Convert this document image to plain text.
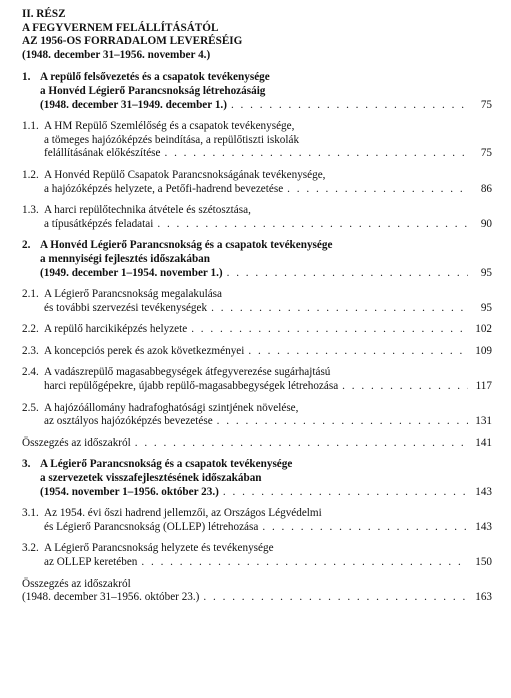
II. RÉSZ
A FEGYVERNEM FELÁLLÍTÁSÁTÓL
AZ 1956-OS FORRADALOM LEVERÉSÉIG
(1948. december 31–1956. november 4.)
1. A repülő felsővezetés és a csapatok tevékenysége
a Honvéd Légierő Parancsnokság létrehozásáig
(1948. december 31–1949. december 1.) . . .	75
1.1. A HM Repülő Szemlélőség és a csapatok tevékenysége,
a tömeges hajózóképzés beindítása, a repülőtiszti iskolák
felállításának előkészítése . . .	75
1.2. A Honvéd Repülő Csapatok Parancsnokságának tevékenysége,
a hajózóképzés helyzete, a Petőfi-hadrend bevezetése . . .	86
1.3. A harci repülőtechnika átvétele és szétosztása,
a típusátképzés feladatai . . .	90
2. A Honvéd Légierő Parancsnokság és a csapatok tevékenysége
a mennyiségi fejlesztés időszakában
(1949. december 1–1954. november 1.) . . .	95
2.1. A Légierő Parancsnokság megalakulása
és további szervezési tevékenységek . . .	95
2.2. A repülő harcikiképzés helyzete . . .	102
2.3. A koncepciós perek és azok következményei . . .	109
2.4. A vadászrepülő magasabbegységek átfegyverezése sugárhajtású
harci repülőgépekre, újabb repülő-magasabbegységek létrehozása . . .	117
2.5. A hajózóállomány hadrafoghatósági szintjének növelése,
az osztályos hajózóképzés bevezetése . . .	131
Összegzés az időszakról . . .	141
3. A Légierő Parancsnokság és a csapatok tevékenysége
a szervezetek visszafejlesztésének időszakában
(1954. november 1–1956. október 23.) . . .	143
3.1. Az 1954. évi őszi hadrend jellemzői, az Országos Légvédelmi
és Légierő Parancsnokság (OLLEP) létrehozása . . .	143
3.2. A Légierő Parancsnokság helyzete és tevékenysége
az OLLEP keretében . . .	150
Összegzés az időszakról
(1948. december 31–1956. október 23.) . . .	163
